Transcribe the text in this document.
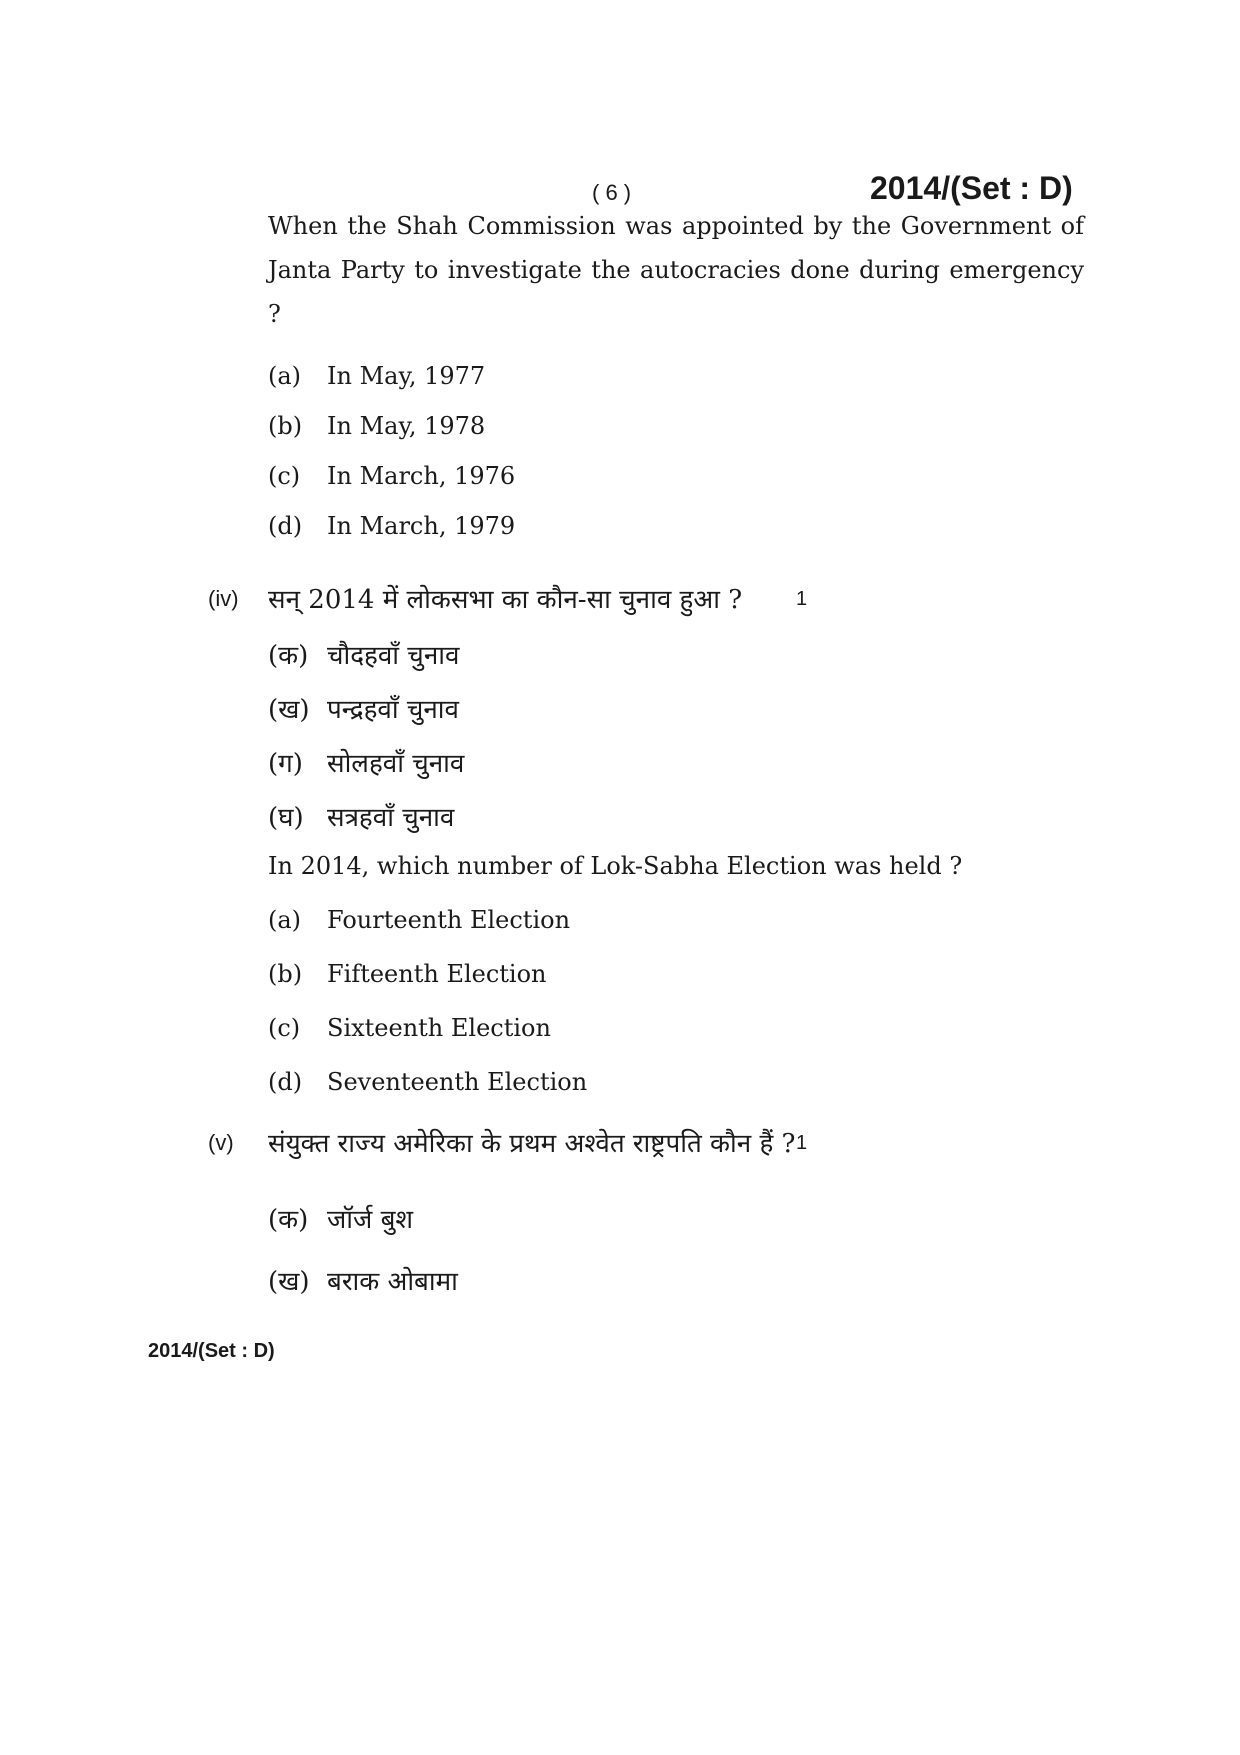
( 6 )	2014/(Set : D)
When the Shah Commission was appointed by the Government of Janta Party to investigate the autocracies done during emergency ?
(a) In May, 1977
(b) In May, 1978
(c) In March, 1976
(d) In March, 1979
(iv) सन् 2014 में लोकसभा का कौन-सा चुनाव हुआ ?	1
(क) चौदहवाँ चुनाव
(ख) पन्द्रहवाँ चुनाव
(ग) सोलहवाँ चुनाव
(घ) सत्रहवाँ चुनाव
In 2014, which number of Lok-Sabha Election was held ?
(a) Fourteenth Election
(b) Fifteenth Election
(c) Sixteenth Election
(d) Seventeenth Election
(v) संयुक्त राज्य अमेरिका के प्रथम अश्वेत राष्ट्रपति कौन हैं ? 1
(क) जॉर्ज बुश
(ख) बराक ओबामा
2014/(Set : D)
